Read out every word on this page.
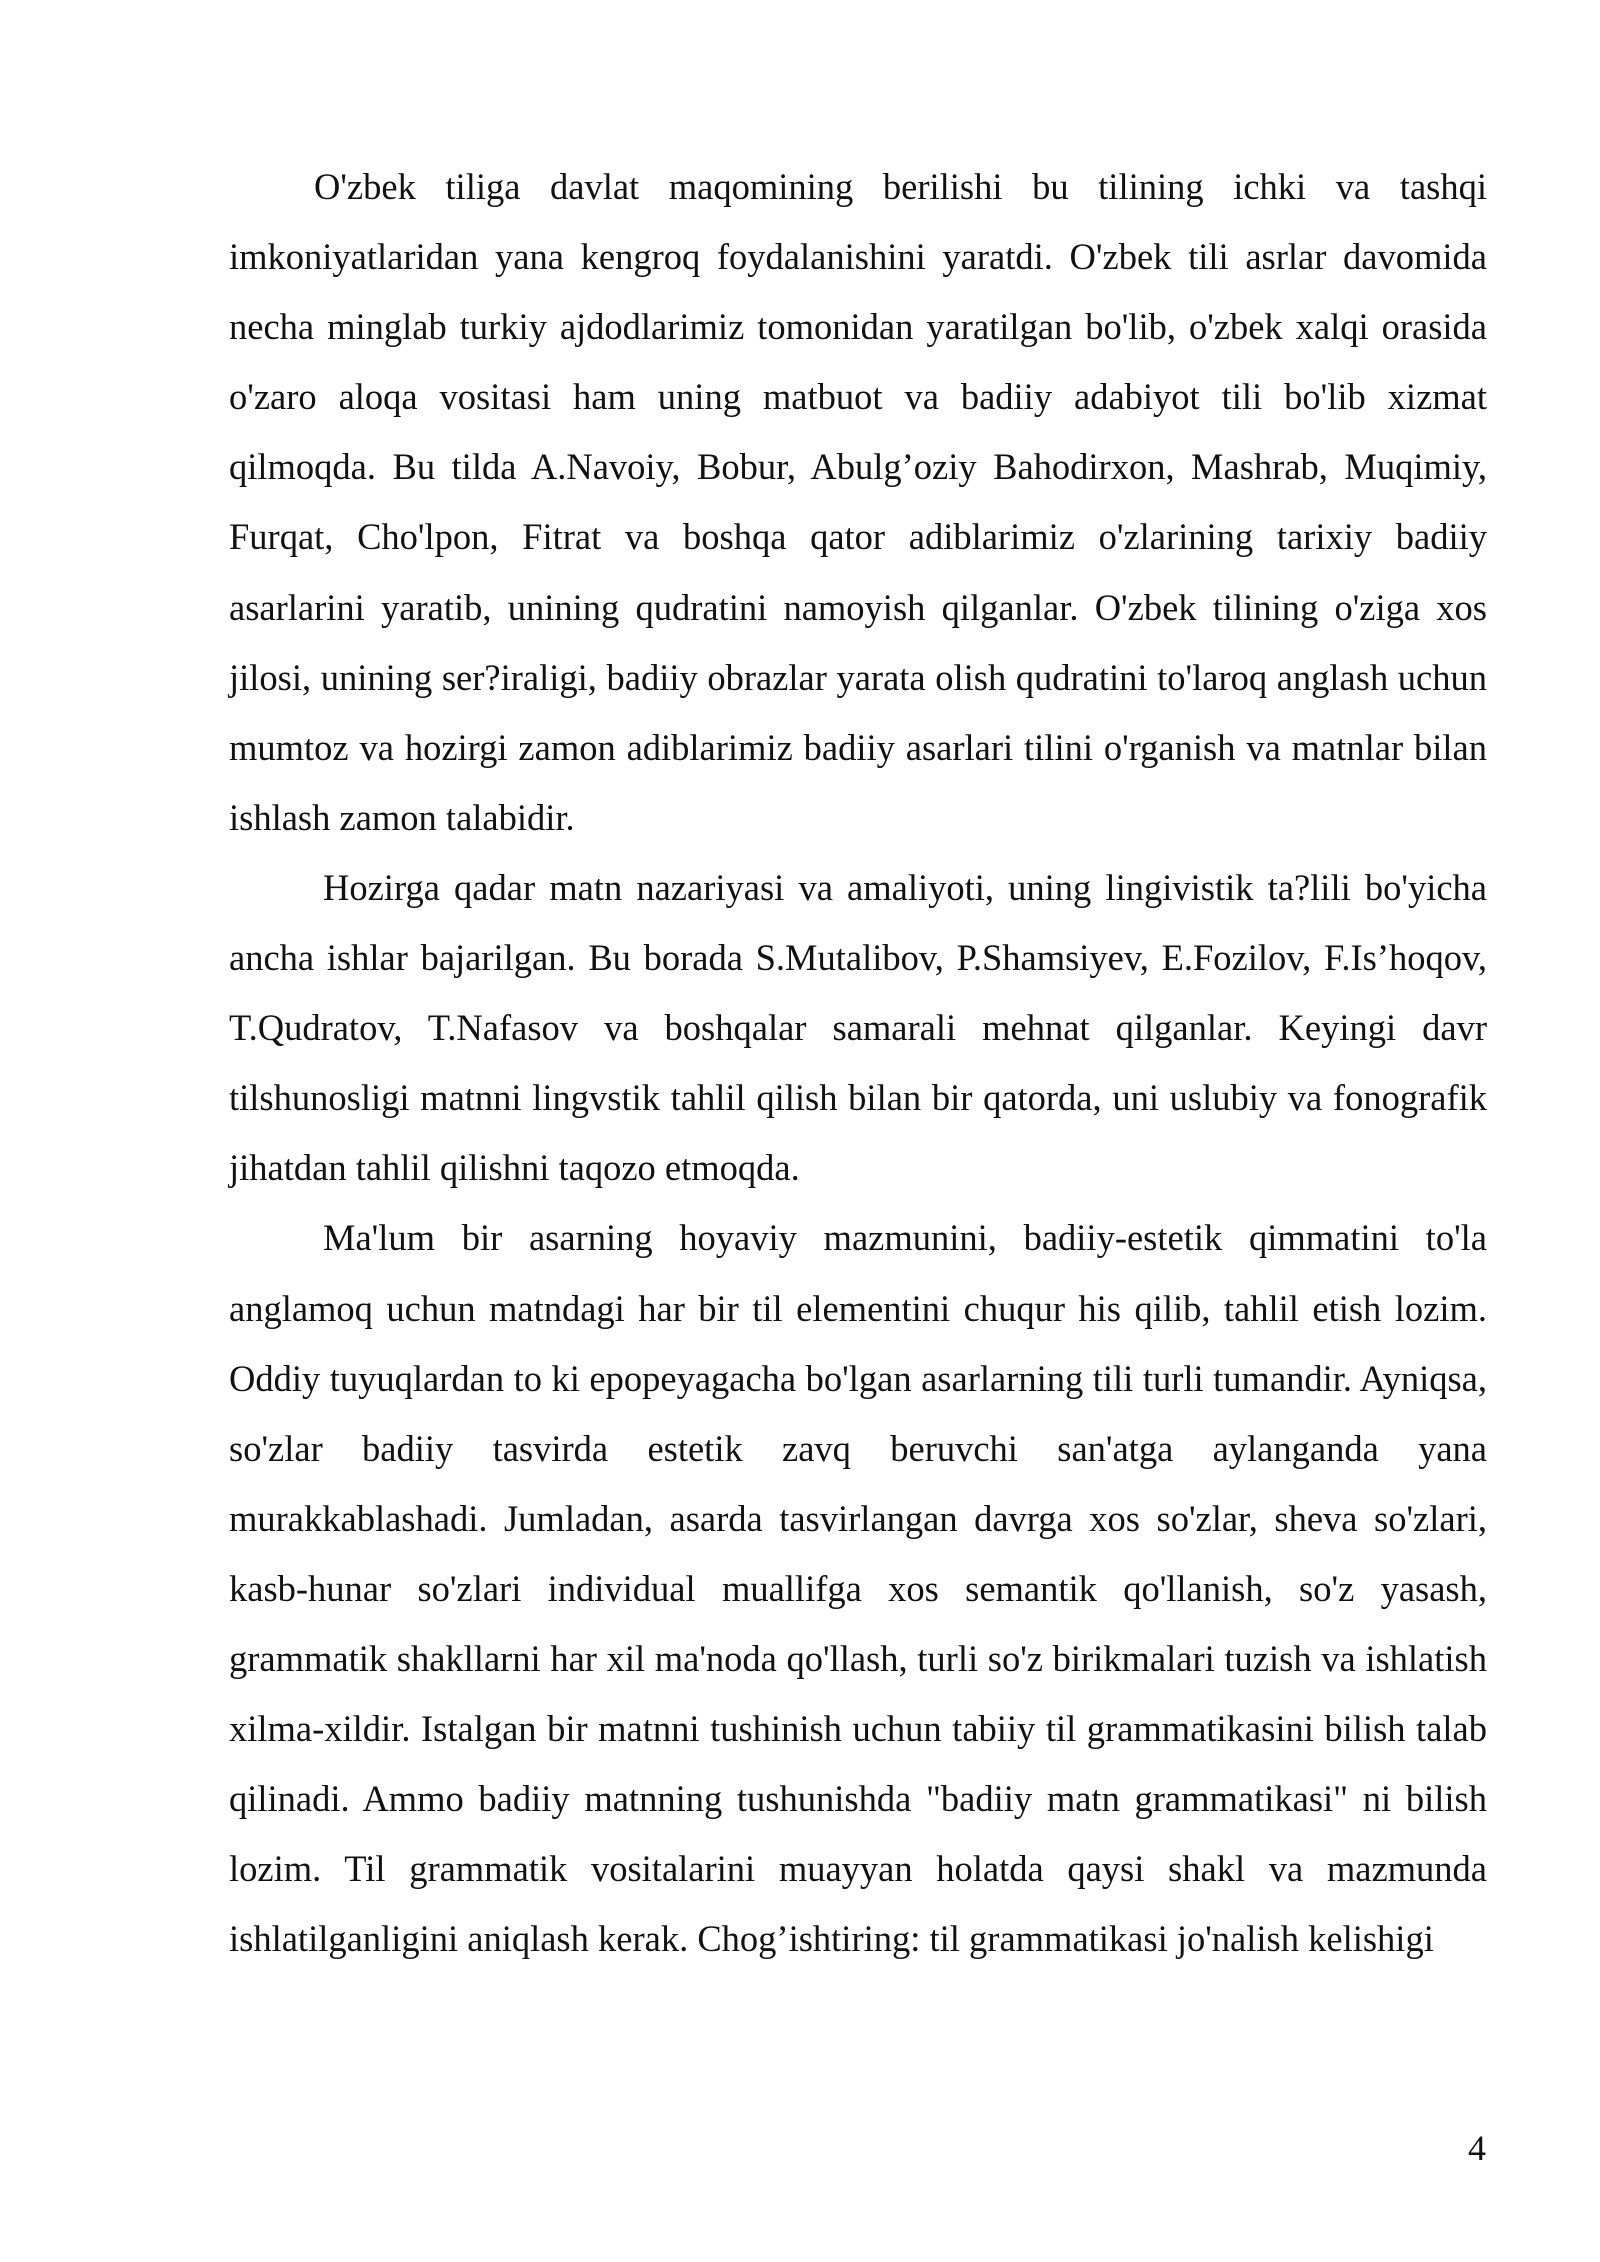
O'zbek tiliga davlat maqomining berilishi bu tilining ichki va tashqi imkoniyatlaridan yana kengroq foydalanishini yaratdi. O'zbek tili asrlar davomida necha minglab turkiy ajdodlarimiz tomonidan yaratilgan bo'lib, o'zbek xalqi orasida o'zaro aloqa vositasi ham uning matbuot va badiiy adabiyot tili bo'lib xizmat qilmoqda. Bu tilda A.Navoiy, Bobur, Abulg’oziy Bahodirxon, Mashrab, Muqimiy, Furqat, Cho'lpon, Fitrat va boshqa qator adiblarimiz o'zlarining tarixiy badiiy asarlarini yaratib, unining qudratini namoyish qilganlar. O'zbek tilining o'ziga xos jilosi, unining ser?iraligi, badiiy obrazlar yarata olish qudratini to'laroq anglash uchun mumtoz va hozirgi zamon adiblarimiz badiiy asarlari tilini o'rganish va matnlar bilan ishlash zamon talabidir.

Hozirga qadar matn nazariyasi va amaliyoti, uning lingivistik ta?lili bo'yicha ancha ishlar bajarilgan. Bu borada S.Mutalibov, P.Shamsiyev, E.Fozilov, F.Is’hoqov, T.Qudratov, T.Nafasov va boshqalar samarali mehnat qilganlar. Keyingi davr tilshunosligi matnni lingvstik tahlil qilish bilan bir qatorda, uni uslubiy va fonografik jihatdan tahlil qilishni taqozo etmoqda.

Ma'lum bir asarning hoyaviy mazmunini, badiiy-estetik qimmatini to'la anglamoq uchun matndagi har bir til elementini chuqur his qilib, tahlil etish lozim. Oddiy tuyuqlardan to ki epopeyagacha bo'lgan asarlarning tili turli tumandir. Ayniqsa, so'zlar badiiy tasvirda estetik zavq beruvchi san'atga aylanganda yana murakkablashadi. Jumladan, asarda tasvirlangan davrga xos so'zlar, sheva so'zlari, kasb-hunar so'zlari individual muallifga xos semantik qo'llanish, so'z yasash, grammatik shakllarni har xil ma'noda qo'llash, turli so'z birikmalari tuzish va ishlatish xilma-xildir. Istalgan bir matnni tushinish uchun tabiiy til grammatikasini bilish talab qilinadi. Ammo badiiy matnning tushunishda "badiiy matn grammatikasi" ni bilish lozim. Til grammatik vositalarini muayyan holatda qaysi shakl va mazmunda ishlatilganligini aniqlash kerak. Chog’ishtiring: til grammatikasi jo'nalish kelishigi

4
